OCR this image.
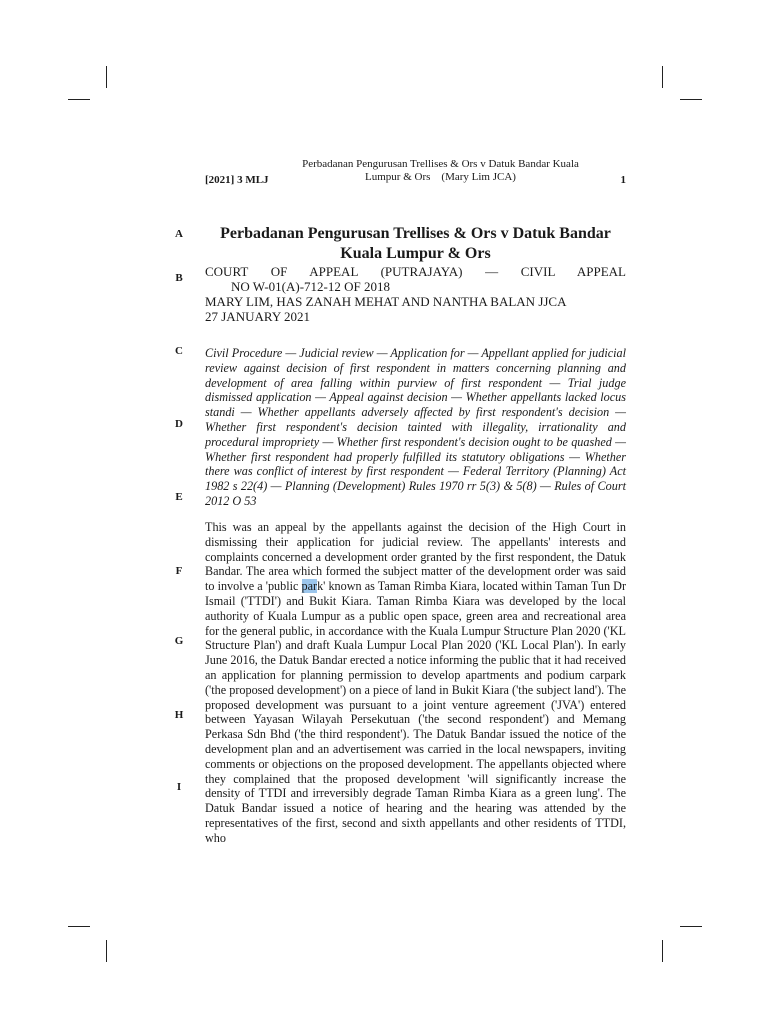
[2021] 3 MLJ
Perbadanan Pengurusan Trellises & Ors v Datuk Bandar Kuala
Lumpur & Ors    (Mary Lim JCA)	1
A
B
C
D
E
F
G
H
I
Perbadanan Pengurusan Trellises & Ors v Datuk Bandar Kuala Lumpur & Ors
COURT OF APPEAL (PUTRAJAYA) — CIVIL APPEAL
NO W-01(A)-712-12 OF 2018
MARY LIM, HAS ZANAH MEHAT AND NANTHA BALAN JJCA
27 JANUARY 2021

Civil Procedure — Judicial review — Application for — Appellant applied for judicial review against decision of first respondent in matters concerning planning and development of area falling within purview of first respondent — Trial judge dismissed application — Appeal against decision — Whether appellants lacked locus standi — Whether appellants adversely affected by first respondent's decision — Whether first respondent's decision tainted with illegality, irrationality and procedural impropriety — Whether first respondent's decision ought to be quashed — Whether first respondent had properly fulfilled its statutory obligations — Whether there was conflict of interest by first respondent — Federal Territory (Planning) Act 1982 s 22(4) — Planning (Development) Rules 1970 rr 5(3) & 5(8) — Rules of Court 2012 O 53

This was an appeal by the appellants against the decision of the High Court in dismissing their application for judicial review. The appellants' interests and complaints concerned a development order granted by the first respondent, the Datuk Bandar. The area which formed the subject matter of the development order was said to involve a 'public park' known as Taman Rimba Kiara, located within Taman Tun Dr Ismail ('TTDI') and Bukit Kiara. Taman Rimba Kiara was developed by the local authority of Kuala Lumpur as a public open space, green area and recreational area for the general public, in accordance with the Kuala Lumpur Structure Plan 2020 ('KL Structure Plan') and draft Kuala Lumpur Local Plan 2020 ('KL Local Plan'). In early June 2016, the Datuk Bandar erected a notice informing the public that it had received an application for planning permission to develop apartments and podium carpark ('the proposed development') on a piece of land in Bukit Kiara ('the subject land'). The proposed development was pursuant to a joint venture agreement ('JVA') entered between Yayasan Wilayah Persekutuan ('the second respondent') and Memang Perkasa Sdn Bhd ('the third respondent'). The Datuk Bandar issued the notice of the development plan and an advertisement was carried in the local newspapers, inviting comments or objections on the proposed development. The appellants objected where they complained that the proposed development 'will significantly increase the density of TTDI and irreversibly degrade Taman Rimba Kiara as a green lung'. The Datuk Bandar issued a notice of hearing and the hearing was attended by the representatives of the first, second and sixth appellants and other residents of TTDI, who
